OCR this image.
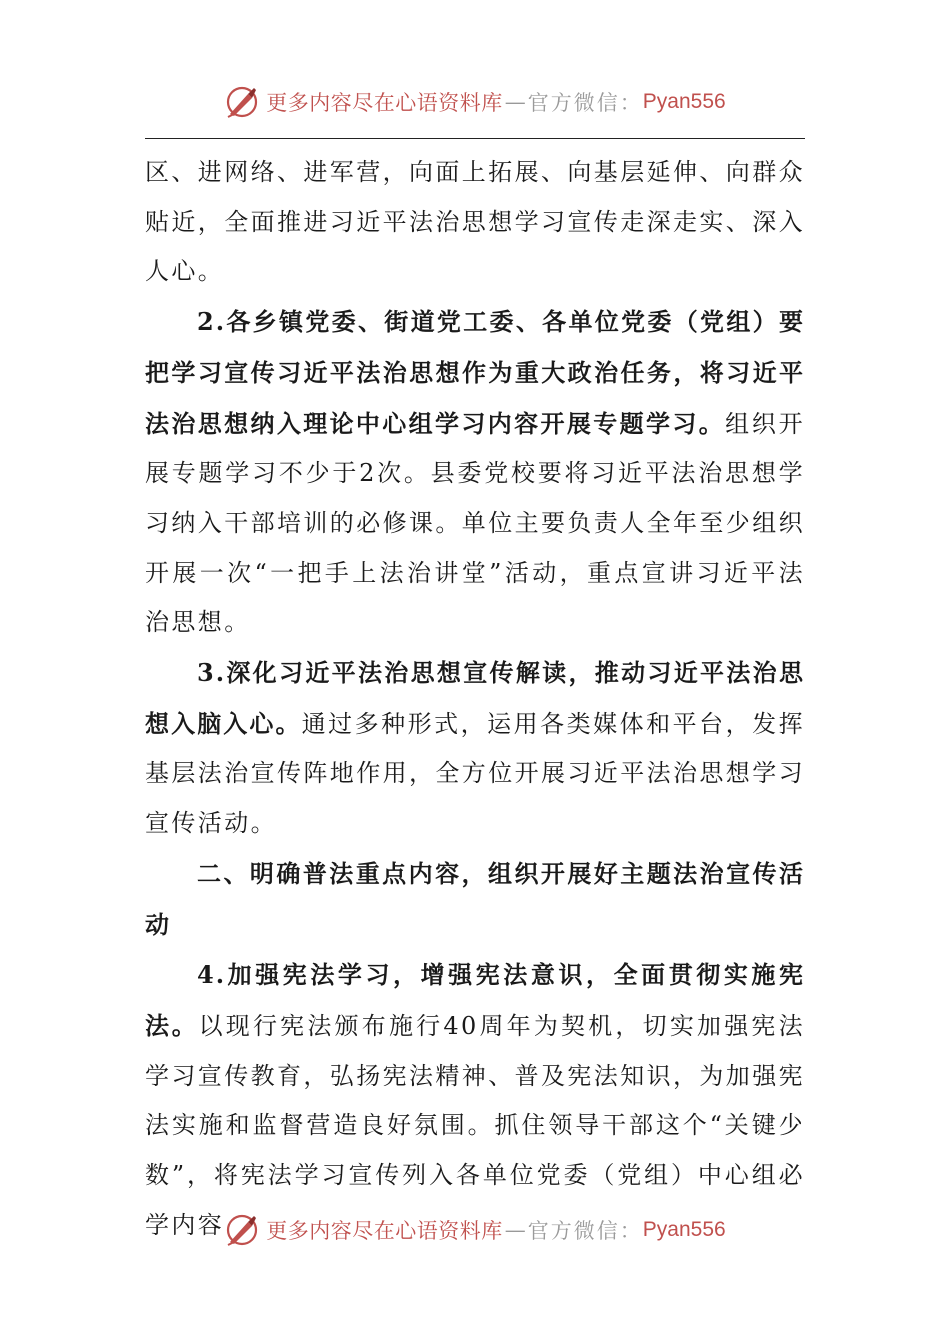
更多内容尽在心语资料库 — 官方微信： Pyan556

区、进网络、进军营，向面上拓展、向基层延伸、向群众贴近，全面推进习近平法治思想学习宣传走深走实、深入人心。

2.各乡镇党委、街道党工委、各单位党委（党组）要把学习宣传习近平法治思想作为重大政治任务，将习近平法治思想纳入理论中心组学习内容开展专题学习。组织开展专题学习不少于2次。县委党校要将习近平法治思想学习纳入干部培训的必修课。单位主要负责人全年至少组织开展一次“一把手上法治讲堂”活动，重点宣讲习近平法治思想。

3.深化习近平法治思想宣传解读，推动习近平法治思想入脑入心。通过多种形式，运用各类媒体和平台，发挥基层法治宣传阵地作用，全方位开展习近平法治思想学习宣传活动。

二、明确普法重点内容，组织开展好主题法治宣传活动

4.加强宪法学习，增强宪法意识，全面贯彻实施宪法。以现行宪法颁布施行40周年为契机，切实加强宪法学习宣传教育，弘扬宪法精神、普及宪法知识，为加强宪法实施和监督营造良好氛围。抓住领导干部这个“关键少数”，将宪法学习宣传列入各单位党委（党组）中心组必学内容	更多内容尽在心语资料库 — 官方微信： Pyan556
